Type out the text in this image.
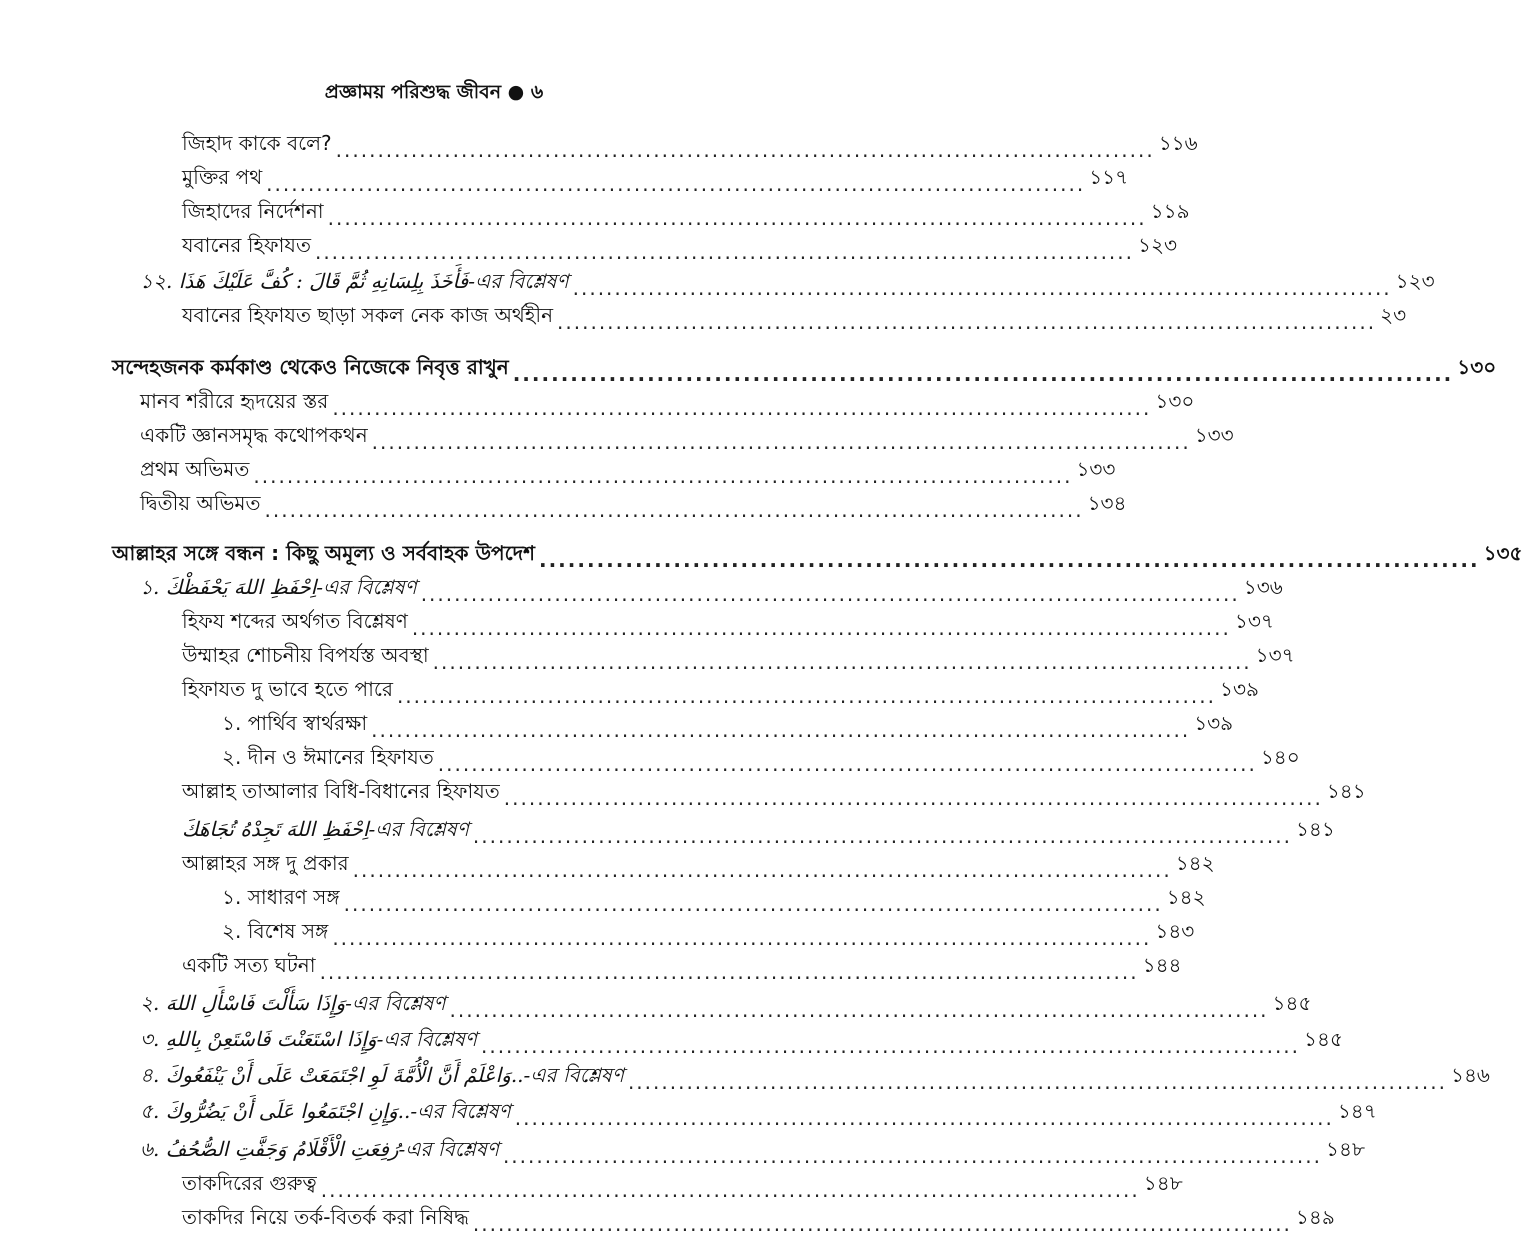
প্রজ্ঞাময় পরিশুদ্ধ জীবন ● ৬
জিহাদ কাকে বলে? .................................................................................................. ১১৬
মুক্তির পথ .................................................................................................. ১১৭
জিহাদের নির্দেশনা .................................................................................................. ১১৯
যবানের হিফাযত .................................................................................................. ১২৩
১২. فَأَخَذَ بِلِسَانِهِ ثُمَّ قَالَ : كُفَّ عَلَيْكَ هَذَا-এর বিশ্লেষণ .................................................................................................. ১২৩
যবানের হিফাযত ছাড়া সকল নেক কাজ অর্থহীন .................................................................................................. ২৩
সন্দেহজনক কর্মকাণ্ড থেকেও নিজেকে নিবৃত্ত রাখুন .................................................................................................. ১৩০
মানব শরীরে হৃদয়ের স্তর .................................................................................................. ১৩০
একটি জ্ঞানসমৃদ্ধ কথোপকথন .................................................................................................. ১৩৩
প্রথম অভিমত .................................................................................................. ১৩৩
দ্বিতীয় অভিমত .................................................................................................. ১৩৪
আল্লাহর সঙ্গে বন্ধন : কিছু অমূল্য ও সর্ববাহক উপদেশ .................................................................................................. ১৩৫
১. اِحْفَظِ اللهَ يَحْفَظْكَ-এর বিশ্লেষণ .................................................................................................. ১৩৬
হিফয শব্দের অর্থগত বিশ্লেষণ .................................................................................................. ১৩৭
উম্মাহর শোচনীয় বিপর্যস্ত অবস্থা .................................................................................................. ১৩৭
হিফাযত দু ভাবে হতে পারে .................................................................................................. ১৩৯
১. পার্থিব স্বার্থরক্ষা .................................................................................................. ১৩৯
২. দীন ও ঈমানের হিফাযত .................................................................................................. ১৪০
আল্লাহ তাআলার বিধি-বিধানের হিফাযত .................................................................................................. ১৪১
اِحْفَظِ اللهَ تَجِدْهُ تُجَاهَكَ-এর বিশ্লেষণ .................................................................................................. ১৪১
আল্লাহর সঙ্গ দু প্রকার .................................................................................................. ১৪২
১. সাধারণ সঙ্গ .................................................................................................. ১৪২
২. বিশেষ সঙ্গ .................................................................................................. ১৪৩
একটি সত্য ঘটনা .................................................................................................. ১৪৪
২. وَإِذَا سَأَلْتَ فَاسْأَلِ اللهَ-এর বিশ্লেষণ .................................................................................................. ১৪৫
৩. وَإِذَا اسْتَعَنْتَ فَاسْتَعِنْ بِاللهِ-এর বিশ্লেষণ .................................................................................................. ১৪৫
৪. وَاعْلَمْ أَنَّ الْأُمَّةَ لَوِ اجْتَمَعَتْ عَلَى أَنْ يَنْفَعُوكَ..-এর বিশ্লেষণ .................................................................................................. ১৪৬
৫. وَإِنِ اجْتَمَعُوا عَلَى أَنْ يَضُرُّوكَ..-এর বিশ্লেষণ .................................................................................................. ১৪৭
৬. رُفِعَتِ الْأَقْلَامُ وَجَفَّتِ الصُّحُفُ-এর বিশ্লেষণ .................................................................................................. ১৪৮
তাকদিরের গুরুত্ব .................................................................................................. ১৪৮
তাকদির নিয়ে তর্ক-বিতর্ক করা নিষিদ্ধ .................................................................................................. ১৪৯
